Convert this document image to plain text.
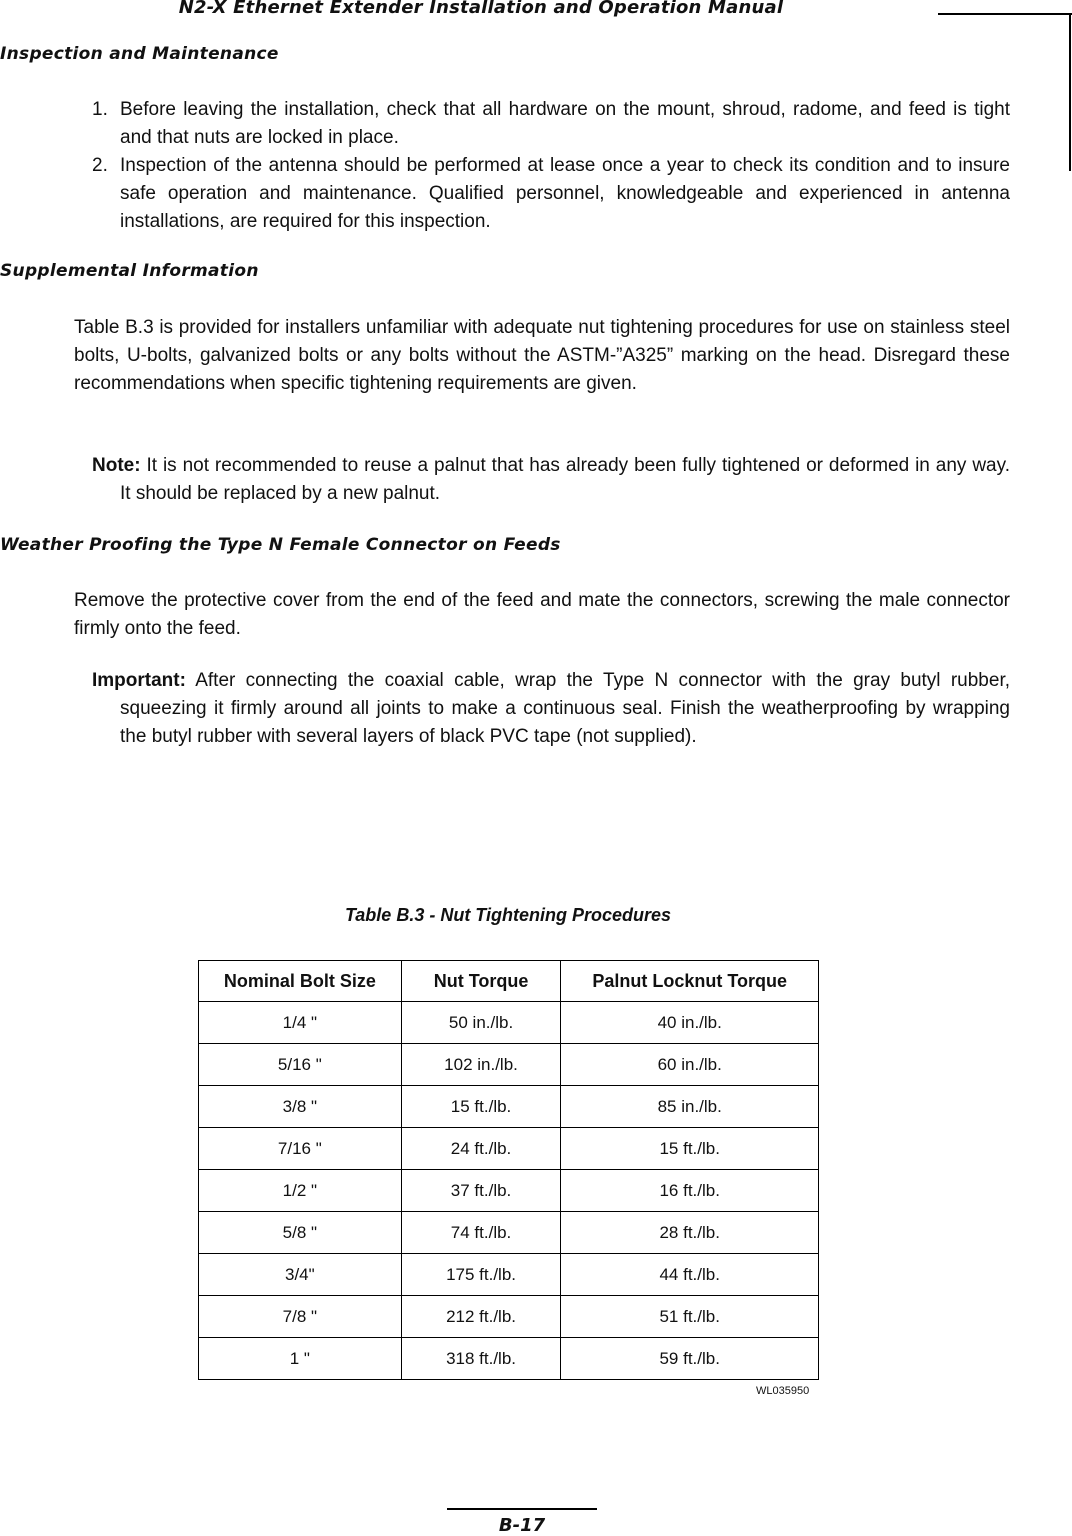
N2-X Ethernet Extender Installation and Operation Manual
Inspection and Maintenance
1. Before leaving the installation, check that all hardware on the mount, shroud, radome, and feed is tight and that nuts are locked in place.
2. Inspection of the antenna should be performed at lease once a year to check its condition and to insure safe operation and maintenance. Qualified personnel, knowledgeable and experienced in antenna installations, are required for this inspection.
Supplemental Information

Table B.3 is provided for installers unfamiliar with adequate nut tightening procedures for use on stainless steel bolts, U-bolts, galvanized bolts or any bolts without the ASTM-”A325” marking on the head. Disregard these recommendations when specific tightening requirements are given.

Note: It is not recommended to reuse a palnut that has already been fully tightened or deformed in any way. It should be replaced by a new palnut.

Weather Proofing the Type N Female Connector on Feeds

Remove the protective cover from the end of the feed and mate the connectors, screwing the male connector firmly onto the feed.

Important: After connecting the coaxial cable, wrap the Type N connector with the gray butyl rubber, squeezing it firmly around all joints to make a continuous seal. Finish the weatherproofing by wrapping the butyl rubber with several layers of black PVC tape (not supplied).

Table B.3 - Nut Tightening Procedures
Nominal Bolt Size	Nut Torque	Palnut Locknut Torque
1/4 "	50 in./lb.	40 in./lb.
5/16 "	102 in./lb.	60 in./lb.
3/8 "	15 ft./lb.	85 in./lb.
7/16 "	24 ft./lb.	15 ft./lb.
1/2 "	37 ft./lb.	16 ft./lb.
5/8 "	74 ft./lb.	28 ft./lb.
3/4"	175 ft./lb.	44 ft./lb.
7/8 "	212 ft./lb.	51 ft./lb.
1 "	318 ft./lb.	59 ft./lb.
WL035950
B-17
